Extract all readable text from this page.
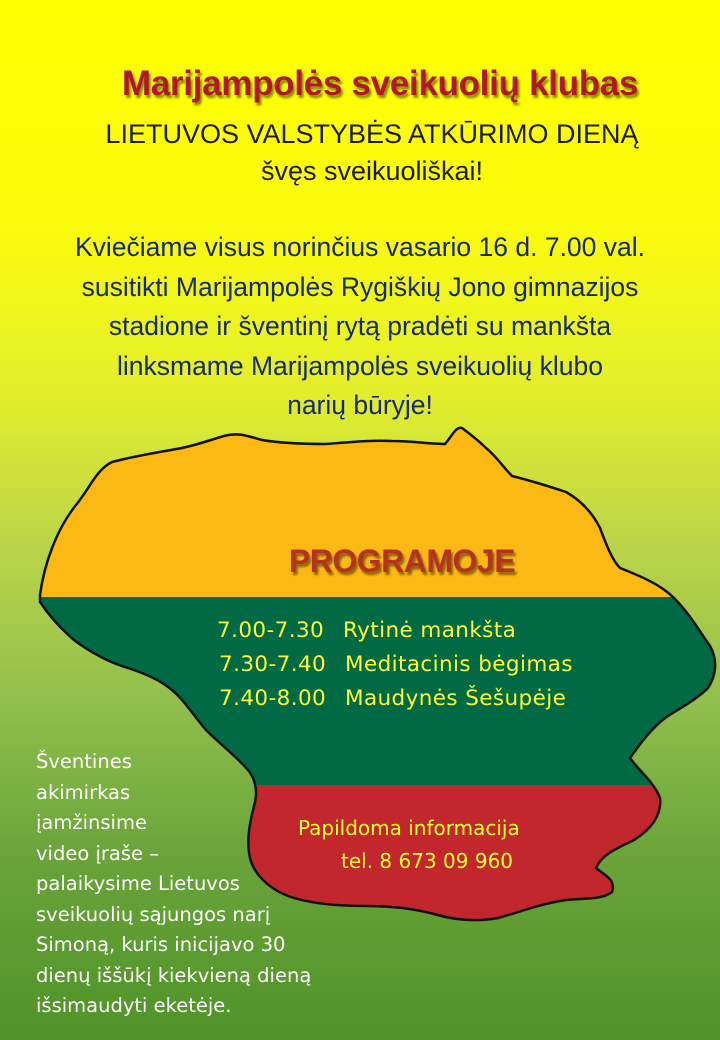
Marijampolės sveikuolių klubas

LIETUVOS VALSTYBĖS ATKŪRIMO DIENĄ

švęs sveikuoliškai!

Kviečiame visus norinčius vasario 16 d. 7.00 val.
susitikti Marijampolės Rygiškių Jono gimnazijos
stadione ir šventinį rytą pradėti su mankšta
linksmame Marijampolės sveikuolių klubo
narių būryje!
PROGRAMOJE
7.00-7.30 Rytinė mankšta
7.30-7.40 Meditacinis bėgimas
7.40-8.00 Maudynės Šešupėje
Papildoma informacija
tel. 8 673 09 960
Šventines
akimirkas
įamžinsime
video įraše –
palaikysime Lietuvos
sveikuolių sąjungos narį
Simoną, kuris inicijavo 30
dienų iššūkį kiekvieną dieną
išsimaudyti eketėje.
